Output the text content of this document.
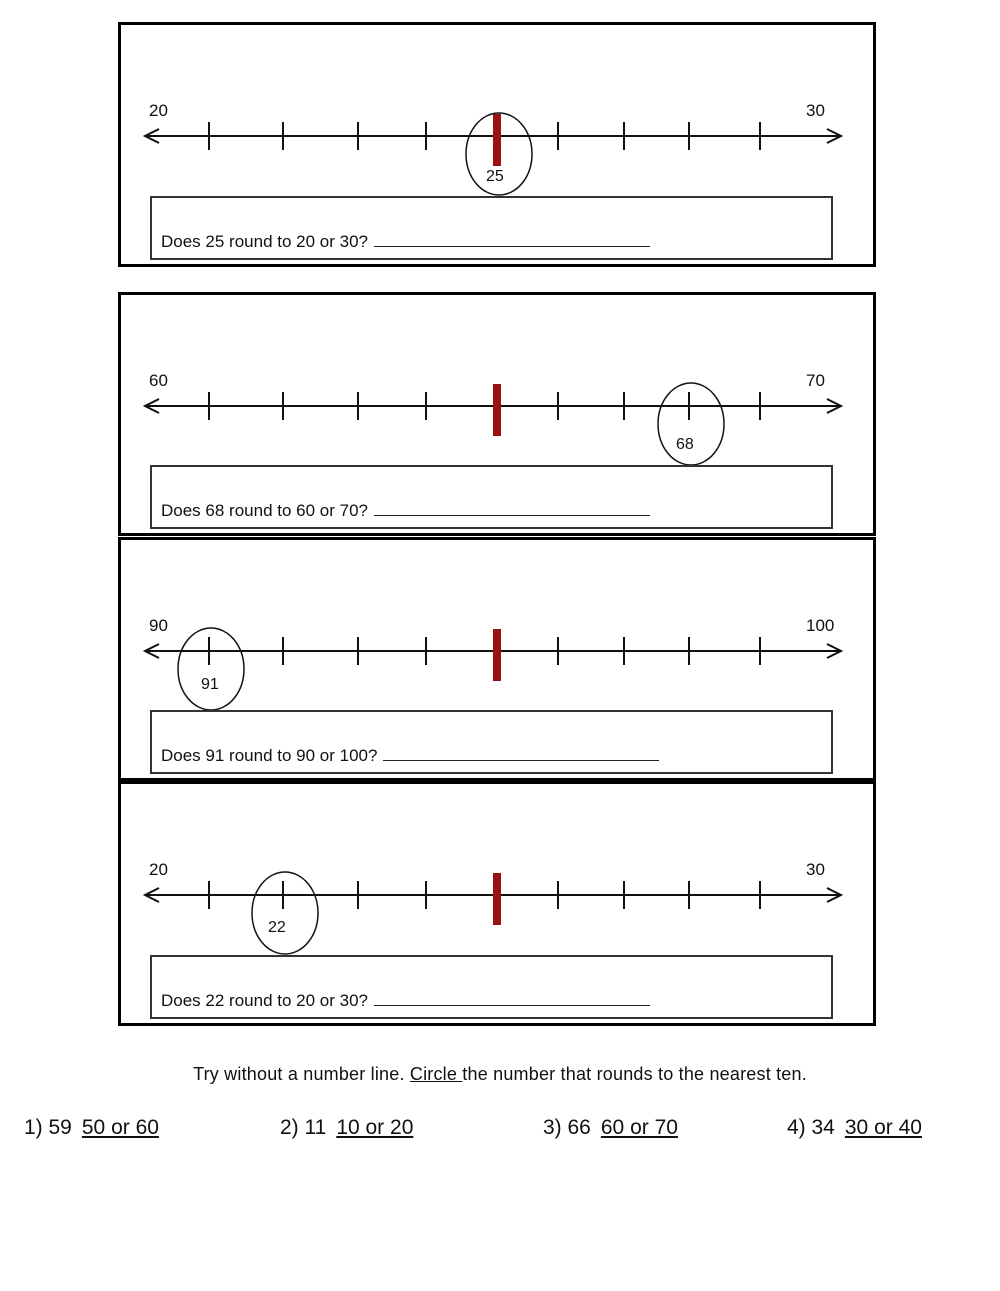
20	30
25
Does 25 round to 20 or 30?
60	70
68
Does 68 round to 60 or 70?
90	100
91
Does 91 round to 90 or 100?
20	30
22
Does 22 round to 20 or 30?
Try without a number line. Circle the number that rounds to the nearest ten.
1) 59 50 or 60	2) 11 10 or 20	3) 66 60 or 70	4) 34 30 or 40
